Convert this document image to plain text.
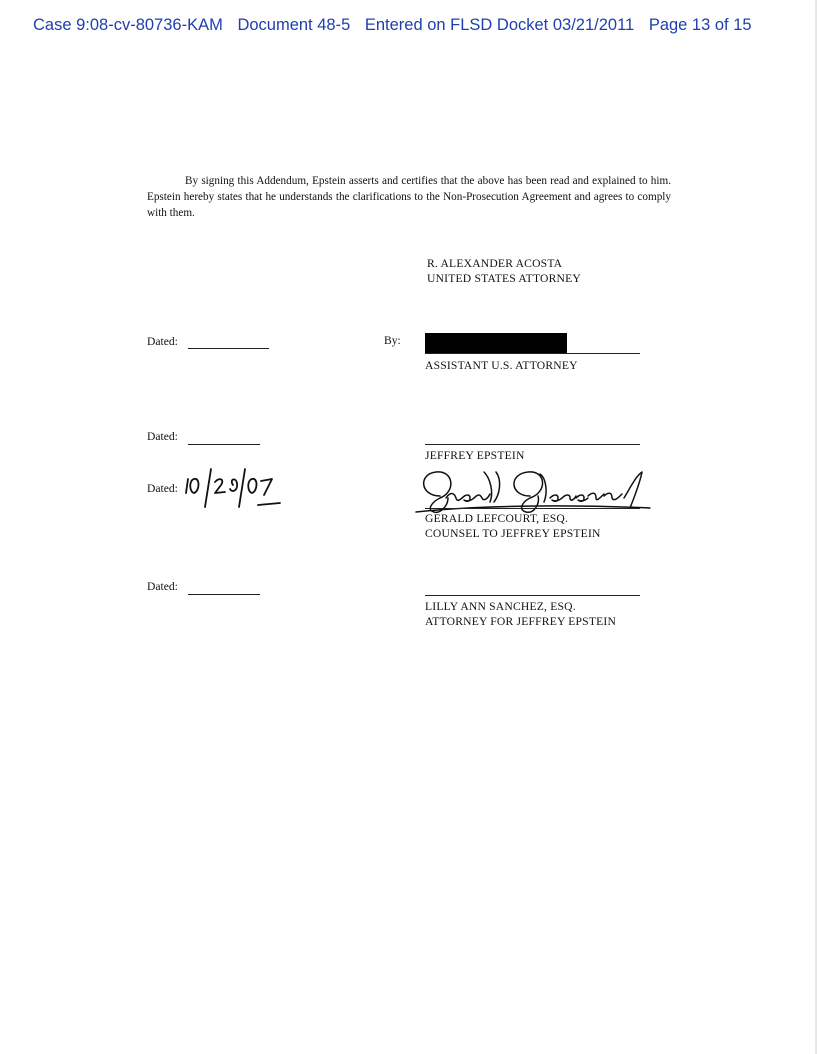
Case 9:08-cv-80736-KAM Document 48-5 Entered on FLSD Docket 03/21/2011 Page 13 of 15
By signing this Addendum, Epstein asserts and certifies that the above has been read and explained to him. Epstein hereby states that he understands the clarifications to the Non-Prosecution Agreement and agrees to comply with them.
R. ALEXANDER ACOSTA
UNITED STATES ATTORNEY
Dated:	By:
ASSISTANT U.S. ATTORNEY
Dated:
JEFFREY EPSTEIN
Dated:
GERALD LEFCOURT, ESQ.
COUNSEL TO JEFFREY EPSTEIN
Dated:
LILLY ANN SANCHEZ, ESQ.
ATTORNEY FOR JEFFREY EPSTEIN
